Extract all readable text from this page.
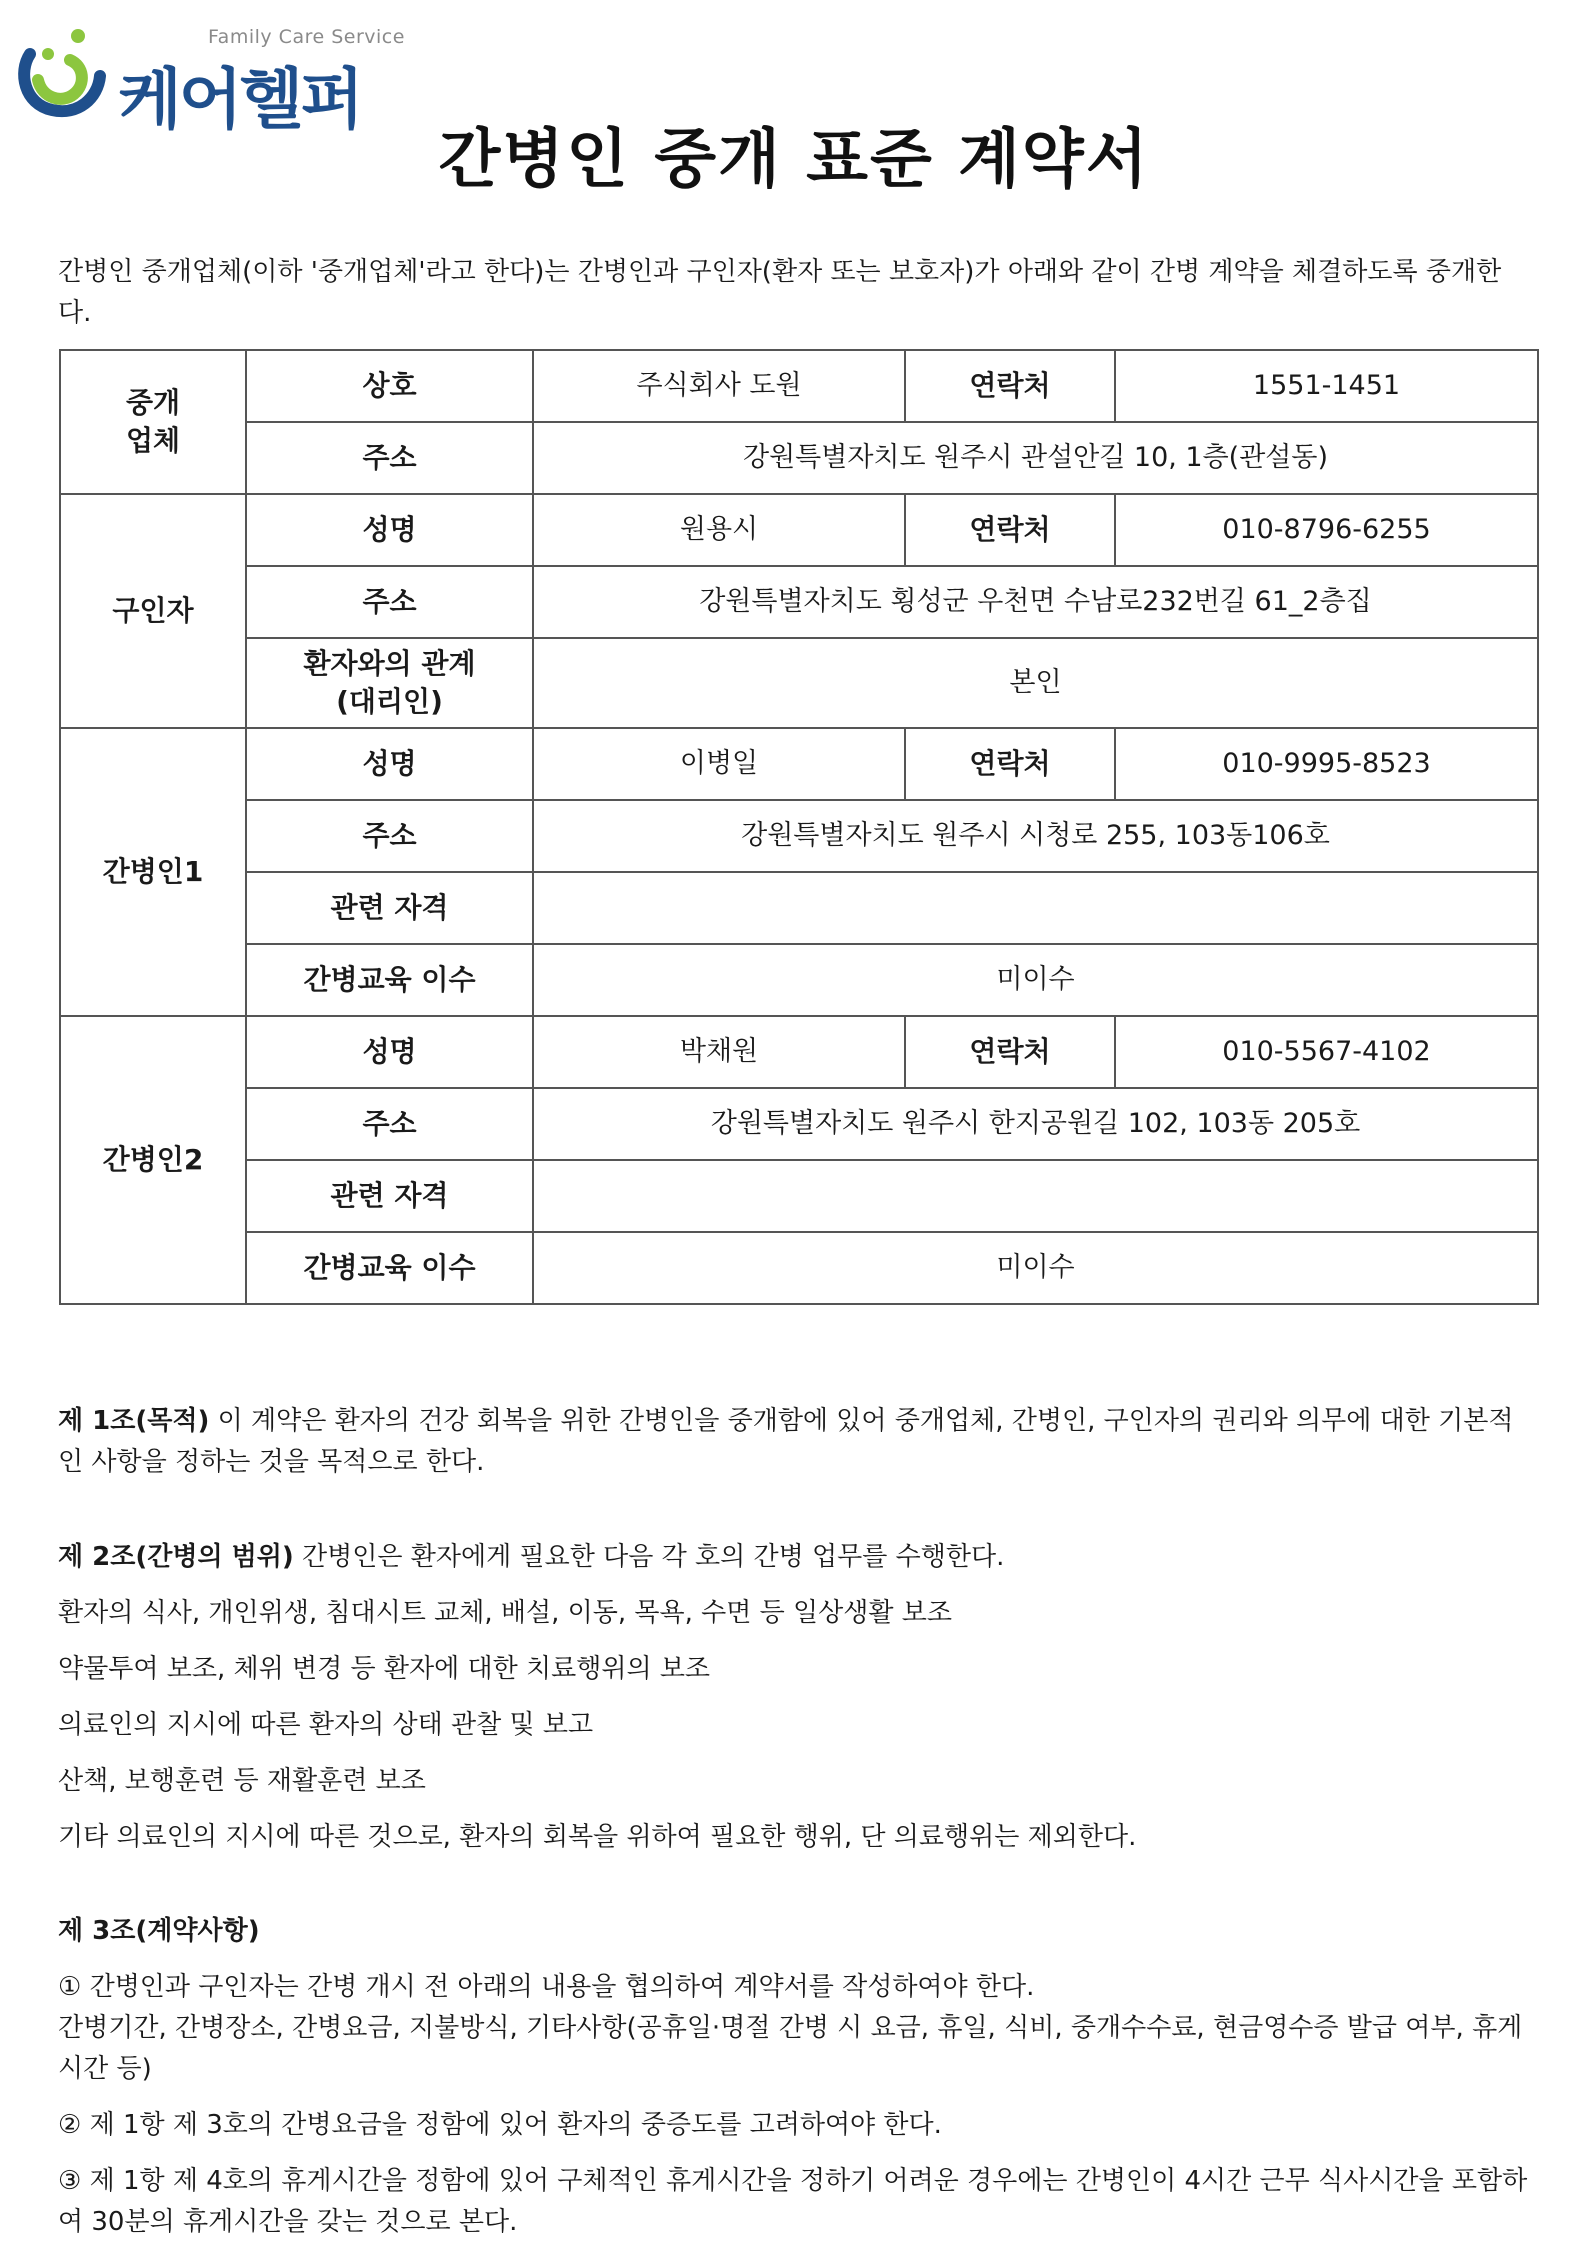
Family Care Service
케어헬퍼
간병인 중개 표준 계약서
간병인 중개업체(이하 '중개업체'라고 한다)는 간병인과 구인자(환자 또는 보호자)가 아래와 같이 간병 계약을 체결하도록 중개한다.
중개
업체	상호	주식회사 도원	연락처	1551-1451
	주소	강원특별자치도 원주시 관설안길 10, 1층(관설동)		
구인자	성명	원용시	연락처	010-8796-6255
	주소	강원특별자치도 횡성군 우천면 수남로232번길 61_2층집		
	환자와의 관계
(대리인)	본인		
간병인1	성명	이병일	연락처	010-9995-8523
	주소	강원특별자치도 원주시 시청로 255, 103동106호		
	관련 자격			
	간병교육 이수	미이수		
간병인2	성명	박채원	연락처	010-5567-4102
	주소	강원특별자치도 원주시 한지공원길 102, 103동 205호		
	관련 자격			
	간병교육 이수	미이수		
제 1조(목적) 이 계약은 환자의 건강 회복을 위한 간병인을 중개함에 있어 중개업체, 간병인, 구인자의 권리와 의무에 대한 기본적인 사항을 정하는 것을 목적으로 한다.
제 2조(간병의 범위) 간병인은 환자에게 필요한 다음 각 호의 간병 업무를 수행한다.
환자의 식사, 개인위생, 침대시트 교체, 배설, 이동, 목욕, 수면 등 일상생활 보조
약물투여 보조, 체위 변경 등 환자에 대한 치료행위의 보조
의료인의 지시에 따른 환자의 상태 관찰 및 보고
산책, 보행훈련 등 재활훈련 보조
기타 의료인의 지시에 따른 것으로, 환자의 회복을 위하여 필요한 행위, 단 의료행위는 제외한다.
제 3조(계약사항)
① 간병인과 구인자는 간병 개시 전 아래의 내용을 협의하여 계약서를 작성하여야 한다.
간병기간, 간병장소, 간병요금, 지불방식, 기타사항(공휴일·명절 간병 시 요금, 휴일, 식비, 중개수수료, 현금영수증 발급 여부, 휴게시간 등)
② 제 1항 제 3호의 간병요금을 정함에 있어 환자의 중증도를 고려하여야 한다.
③ 제 1항 제 4호의 휴게시간을 정함에 있어 구체적인 휴게시간을 정하기 어려운 경우에는 간병인이 4시간 근무 식사시간을 포함하여 30분의 휴게시간을 갖는 것으로 본다.
